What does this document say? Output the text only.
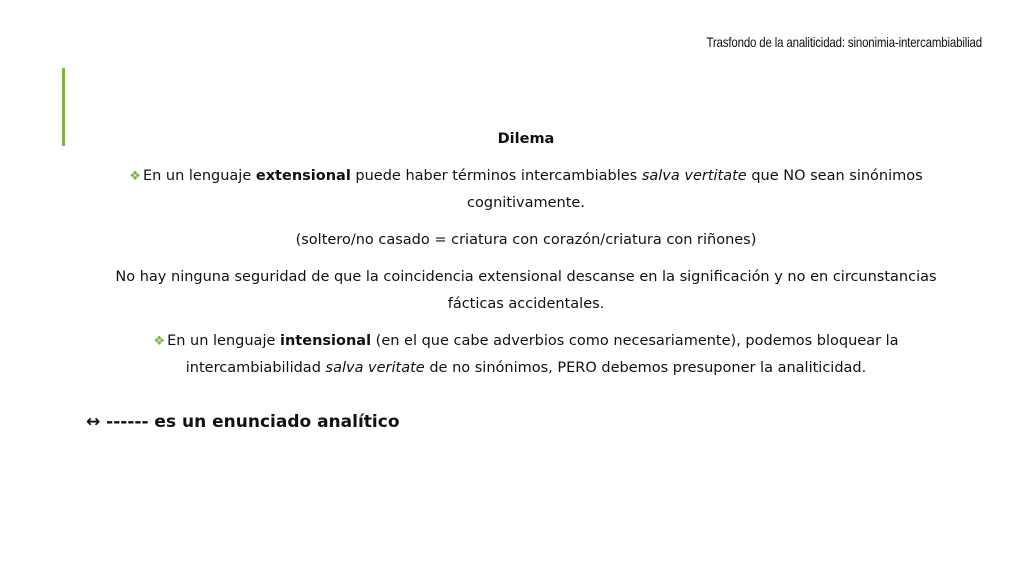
Trasfondo de la analiticidad: sinonimia-intercambiabiliad
Dilema
❖ En un lenguaje extensional puede haber términos intercambiables salva vertitate que NO sean sinónimos cognitivamente.
(soltero/no casado = criatura con corazón/criatura con riñones)
No hay ninguna seguridad de que la coincidencia extensional descanse en la significación y no en circunstancias fácticas accidentales.
❖ En un lenguaje intensional (en el que cabe adverbios como necesariamente), podemos bloquear la intercambiabilidad salva veritate de no sinónimos, PERO debemos presuponer la analiticidad.
↔ ------ es un enunciado analítico
